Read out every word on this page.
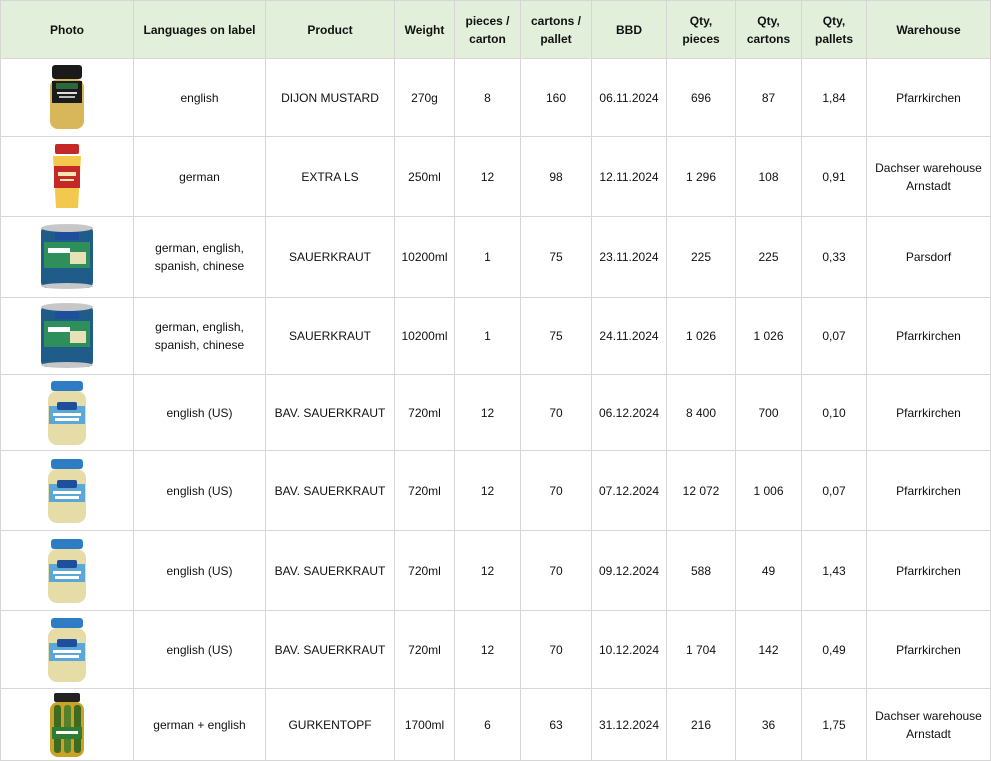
Photo	Languages on label	Product	Weight	pieces / carton	cartons / pallet	BBD	Qty, pieces	Qty, cartons	Qty, pallets	Warehouse

	english	DIJON MUSTARD	270g	8	160	06.11.2024	696	87	1,84	Pfarrkirchen

	german	EXTRA LS	250ml	12	98	12.11.2024	1 296	108	0,91	Dachser warehouse Arnstadt

	german, english, spanish, chinese	SAUERKRAUT	10200ml	1	75	23.11.2024	225	225	0,33	Parsdorf

	german, english, spanish, chinese	SAUERKRAUT	10200ml	1	75	24.11.2024	1 026	1 026	0,07	Pfarrkirchen

	english (US)	BAV. SAUERKRAUT	720ml	12	70	06.12.2024	8 400	700	0,10	Pfarrkirchen

	english (US)	BAV. SAUERKRAUT	720ml	12	70	07.12.2024	12 072	1 006	0,07	Pfarrkirchen

	english (US)	BAV. SAUERKRAUT	720ml	12	70	09.12.2024	588	49	1,43	Pfarrkirchen

	english (US)	BAV. SAUERKRAUT	720ml	12	70	10.12.2024	1 704	142	0,49	Pfarrkirchen

	german + english	GURKENTOPF	1700ml	6	63	31.12.2024	216	36	1,75	Dachser warehouse Arnstadt
